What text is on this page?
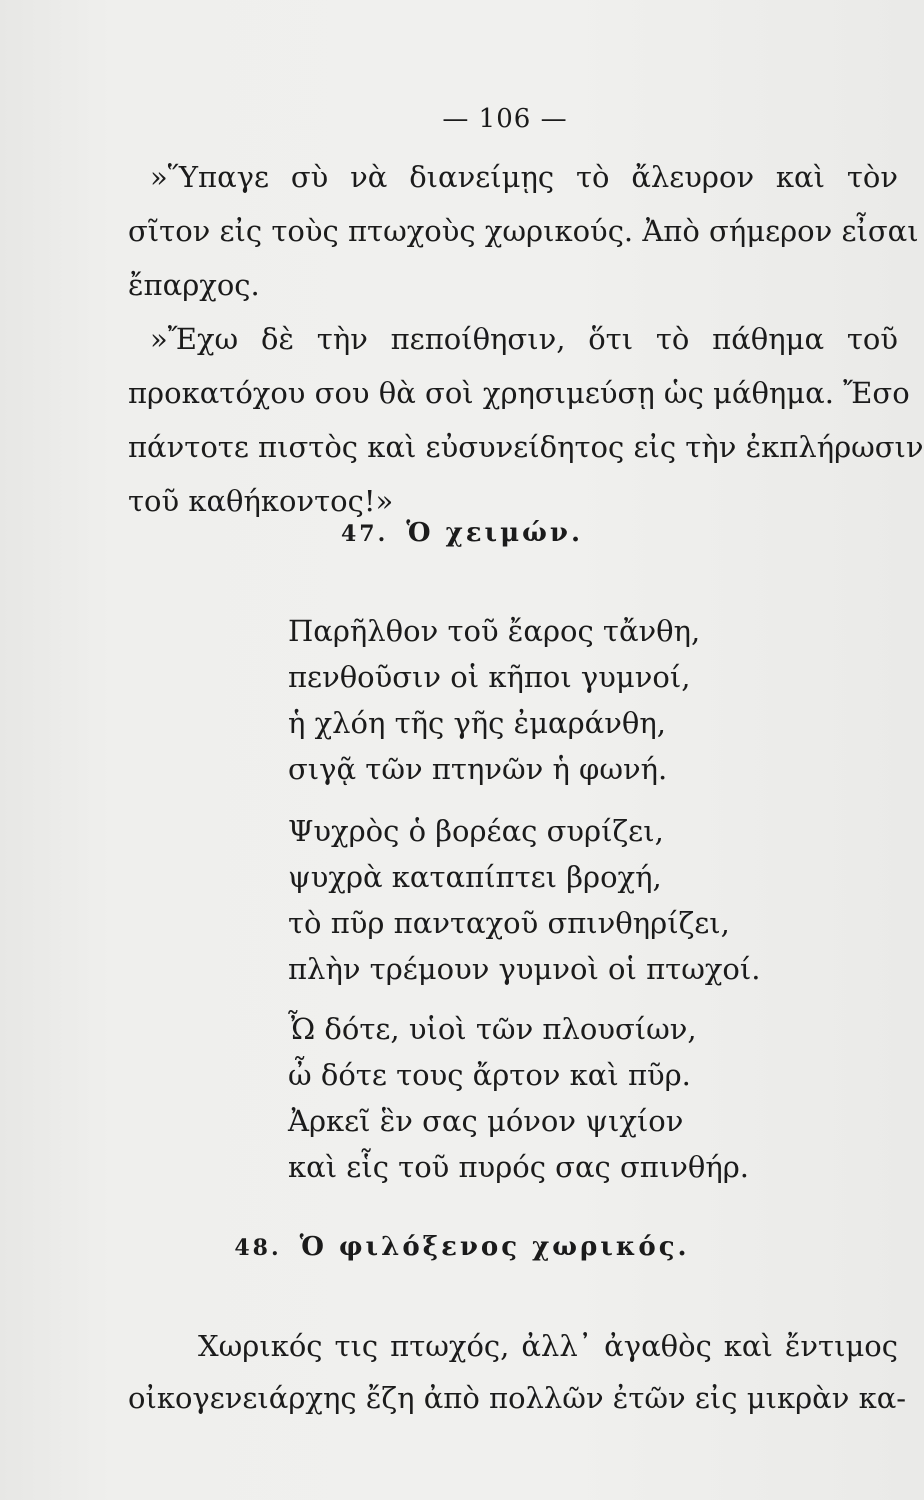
— 106 —

»Ὕπαγε σὺ νὰ διανείμῃς τὸ ἄλευρον καὶ τὸν
σῖτον εἰς τοὺς πτωχοὺς χωρικούς. Ἀπὸ σήμερον εἶσαι
ἔπαρχος.
»Ἔχω δὲ τὴν πεποίθησιν, ὅτι τὸ πάθημα τοῦ
προκατόχου σου θὰ σοὶ χρησιμεύσῃ ὡς μάθημα. Ἔσο
πάντοτε πιστὸς καὶ εὐσυνείδητος εἰς τὴν ἐκπλήρωσιν
τοῦ καθήκοντος!»

47. Ὁ χειμών.

Παρῆλθον τοῦ ἔαρος τἄνθη,
πενθοῦσιν οἱ κῆποι γυμνοί,
ἡ χλόη τῆς γῆς ἐμαράνθη,
σιγᾷ τῶν πτηνῶν ἡ φωνή.

Ψυχρὸς ὁ βορέας συρίζει,
ψυχρὰ καταπίπτει βροχή,
τὸ πῦρ πανταχοῦ σπινθηρίζει,
πλὴν τρέμουν γυμνοὶ οἱ πτωχοί.

Ὦ δότε, υἱοὶ τῶν πλουσίων,
ὦ δότε τους ἄρτον καὶ πῦρ.
Ἀρκεῖ ἓν σας μόνον ψιχίον
καὶ εἷς τοῦ πυρός σας σπινθήρ.

48. Ὁ φιλόξενος χωρικός.

Χωρικός τις πτωχός, ἀλλ᾽ ἀγαθὸς καὶ ἔντιμος
οἰκογενειάρχης ἔζη ἀπὸ πολλῶν ἐτῶν εἰς μικρὰν κα-
